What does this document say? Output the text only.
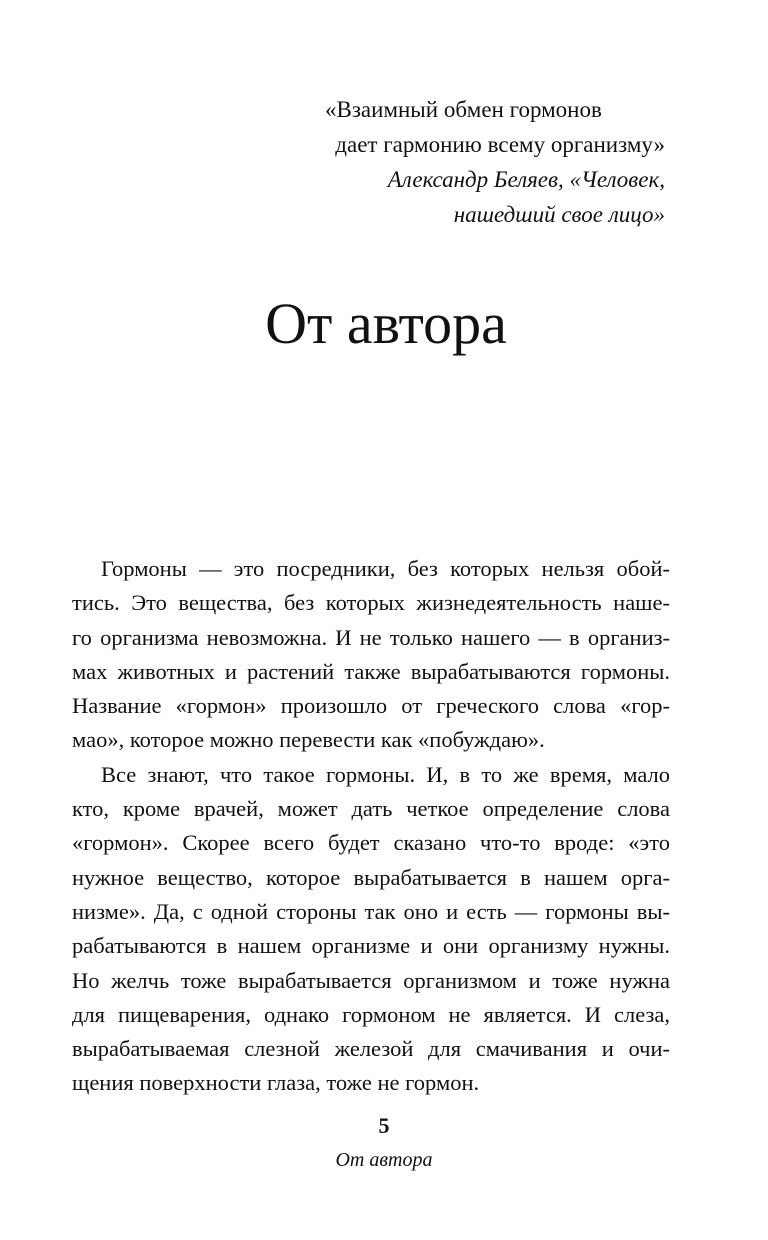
«Взаимный обмен гормонов
дает гармонию всему организму»
Александр Беляев, «Человек,
нашедший свое лицо»
От автора
Гормоны — это посредники, без которых нельзя обой-
тись. Это вещества, без которых жизнедеятельность наше-
го организма невозможна. И не только нашего — в организ-
мах животных и растений также вырабатываются гормоны.
Название «гормон» произошло от греческого слова «гор-
мао», которое можно перевести как «побуждаю».
Все знают, что такое гормоны. И, в то же время, мало
кто, кроме врачей, может дать четкое определение слова
«гормон». Скорее всего будет сказано что-то вроде: «это
нужное вещество, которое вырабатывается в нашем орга-
низме». Да, с одной стороны так оно и есть — гормоны вы-
рабатываются в нашем организме и они организму нужны.
Но желчь тоже вырабатывается организмом и тоже нужна
для пищеварения, однако гормоном не является. И слеза,
вырабатываемая слезной железой для смачивания и очи-
щения поверхности глаза, тоже не гормон.
5
От автора
